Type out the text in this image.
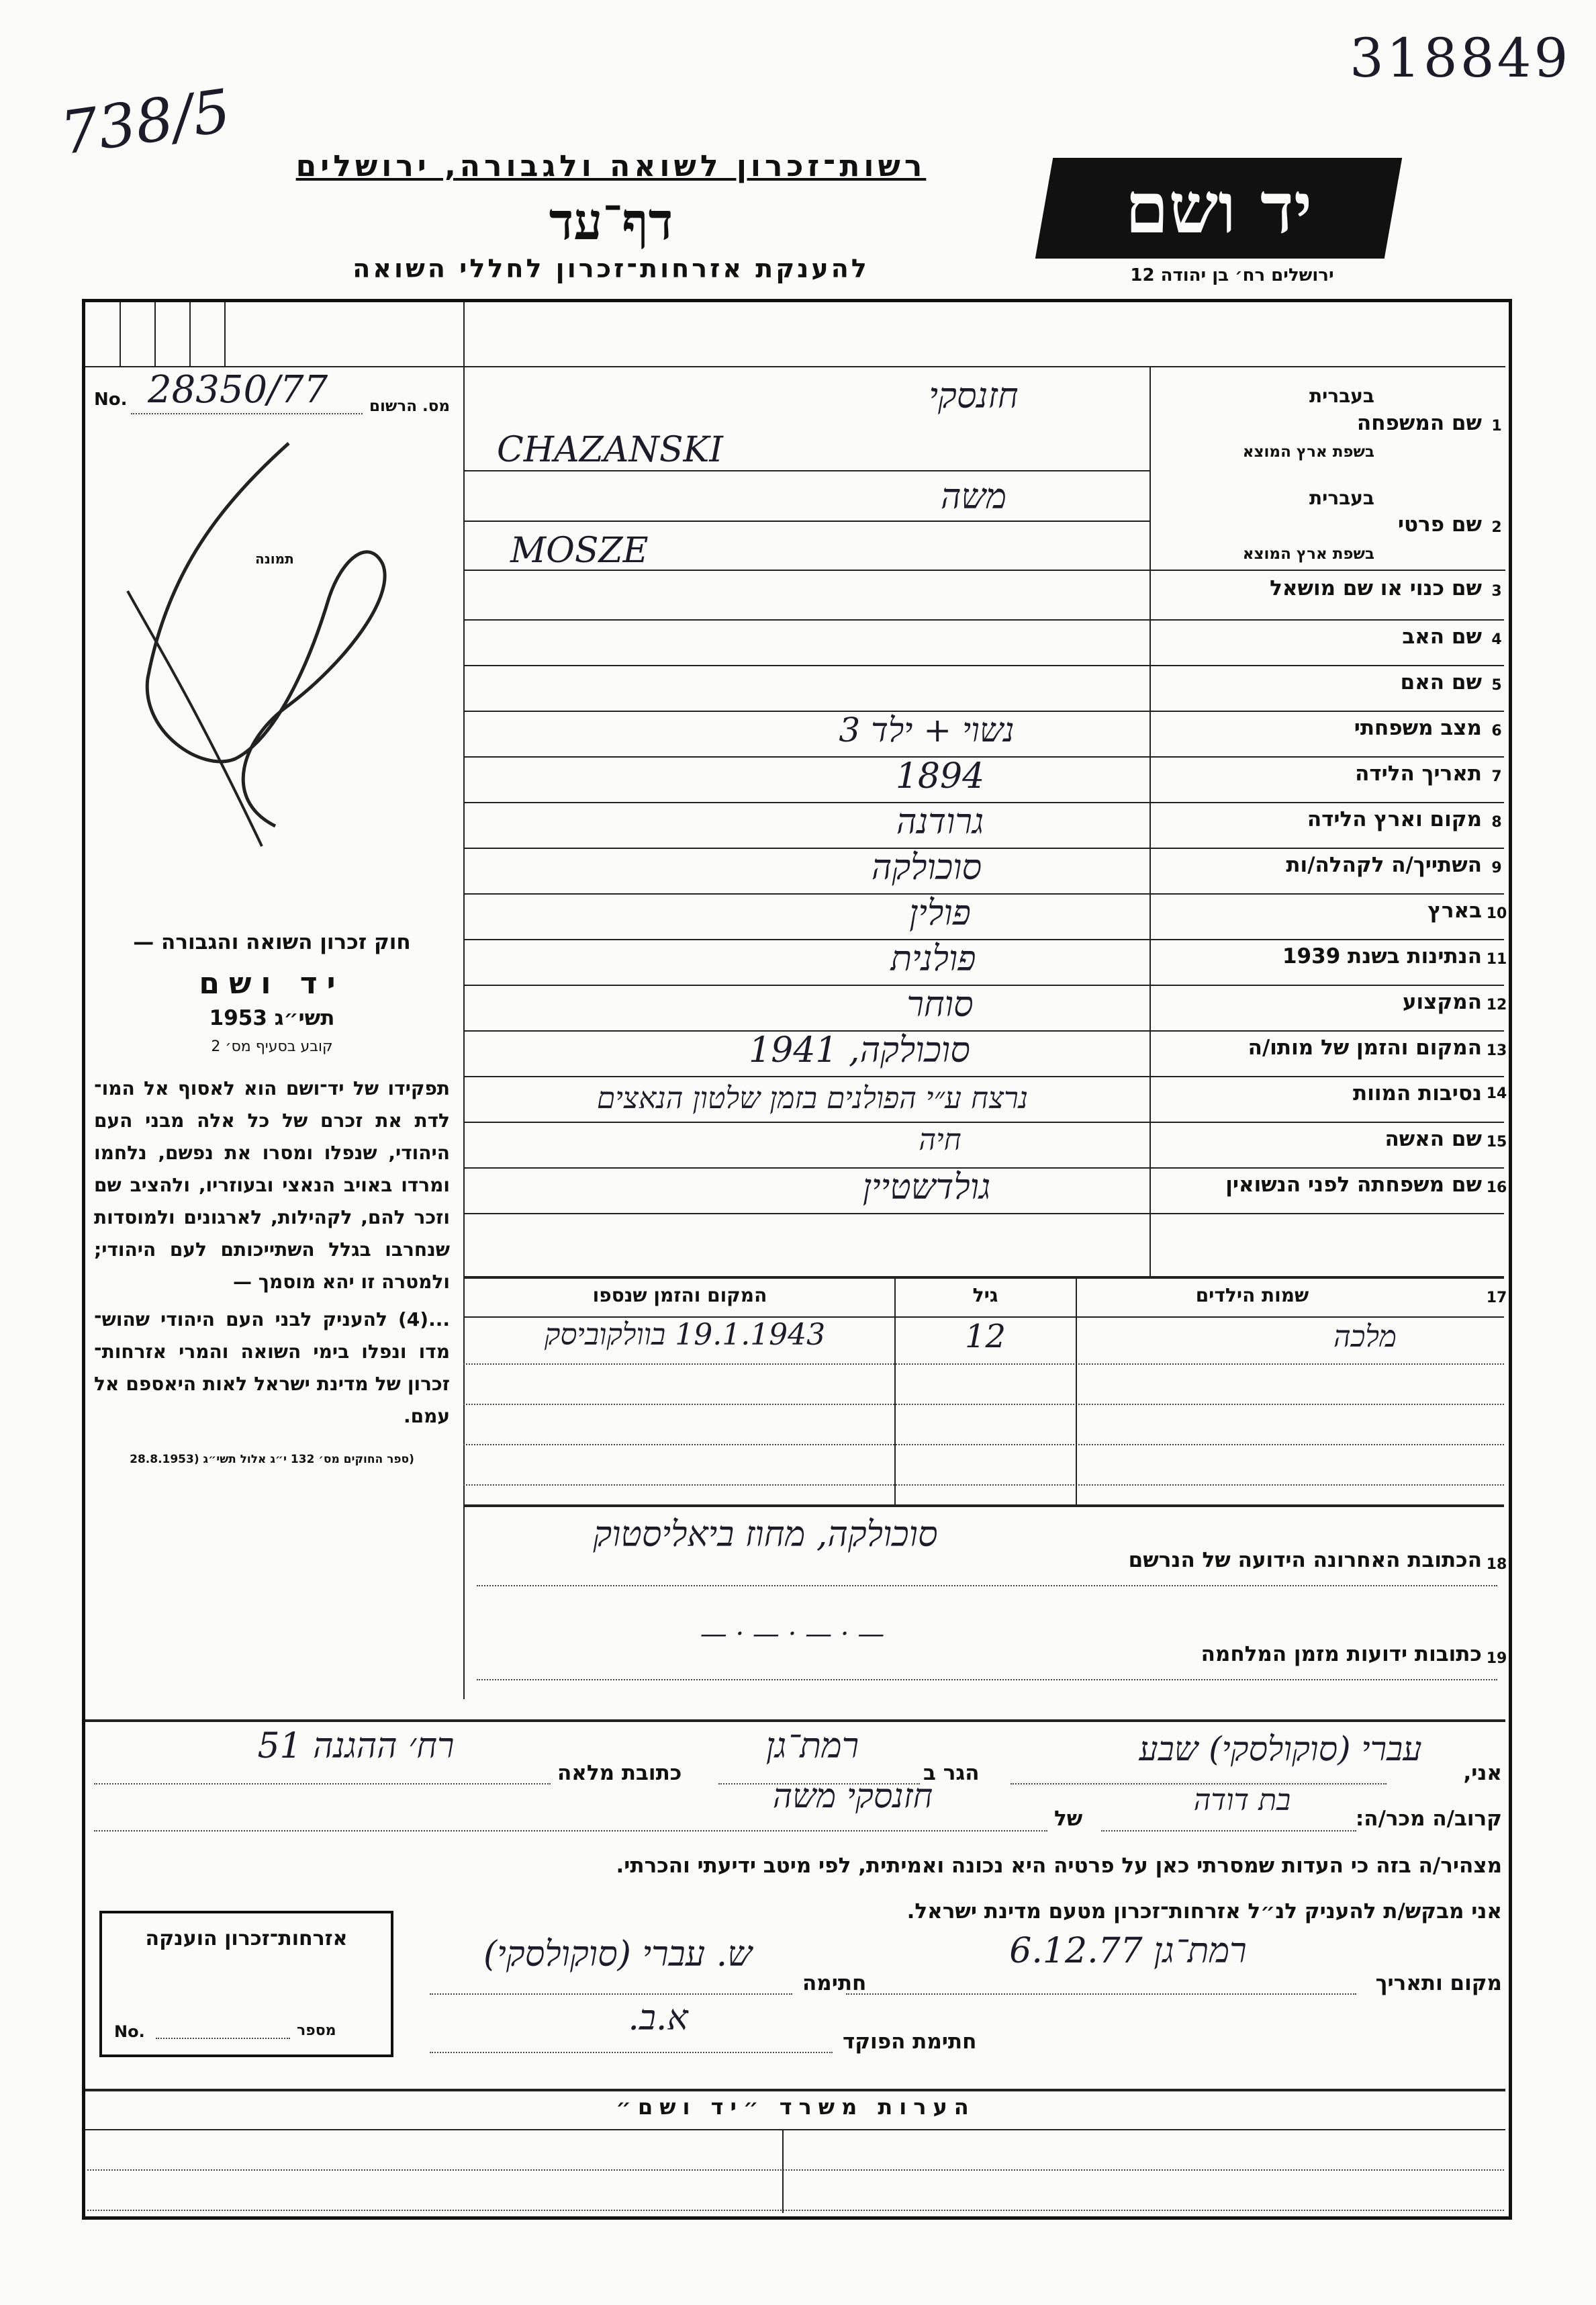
318849
738/5	רשות־זכרון לשואה ולגבורה, ירושלים
דף־עד
להענקת אזרחות־זכרון לחללי השואה
יד ושם
ירושלים רח׳ בן יהודה 12
No. 28350/77	מס. הרשום
תמונה
חוק זכרון השואה והגבורה —
יד ושם
תשי״ג 1953
קובע בסעיף מס׳ 2
תפקידו של יד־ושם הוא לאסוף אל המו־ לדת את זכרם של כל אלה מבני העם היהודי, שנפלו ומסרו את נפשם, נלחמו ומרדו באויב הנאצי ובעוזריו, ולהציב שם וזכר להם, לקהילות, לארגונים ולמוסדות שנחרבו בגלל השתייכותם לעם היהודי; ולמטרה זו יהא מוסמך —
...(4) להעניק לבני העם היהודי שהוש־ מדו ונפלו בימי השואה והמרי אזרחות־ זכרון של מדינת ישראל לאות היאספם אל עמם.
(ספר החוקים מס׳ 132 י״ג אלול תשי״ג (28.8.1953
1
שם המשפחה
בעברית
בשפת ארץ המוצא
חזנסקי
CHAZANSKI
2
שם פרטי
בעברית
בשפת ארץ המוצא
משה
MOSZE
3
שם כנוי או שם מושאל
4
שם האב
5
שם האם
6
מצב משפחתי
נשוי + ילד 3
7
תאריך הלידה
1894
8
מקום וארץ הלידה
גרודנה
9
השתייך/ה לקהלה/ות
סוכולקה
10
בארץ
פולין
11
הנתינות בשנת 1939
פולנית
12
המקצוע
סוחר
13
המקום והזמן של מותו/ה
סוכולקה, 1941
14
נסיבות המוות
נרצח ע״י הפולנים בזמן שלטון הנאצים
15
שם האשה
חיה
16
שם משפחתה לפני הנשואין
גולדשטיין
17
שמות הילדים
גיל
המקום והזמן שנספו
מלכה
12
19.1.1943 בוולקוביסק
18
הכתובת האחרונה הידועה של הנרשם
סוכולקה, מחוז ביאליסטוק
19
כתובות ידועות מזמן המלחמה
— · — · — · —
אני,
עברי (סוקולסקי) שבע
הגר ב
רמת־גן
כתובת מלאה
רח׳ ההגנה 51
קרוב/ה מכר/ה:
בת דודה
של
חזנסקי משה
מצהיר/ה בזה כי העדות שמסרתי כאן על פרטיה היא נכונה ואמיתית, לפי מיטב ידיעתי והכרתי.
אני מבקש/ת להעניק לנ״ל אזרחות־זכרון מטעם מדינת ישראל.
מקום ותאריך
רמת־גן 6.12.77
חתימה
ש. עברי (סוקולסקי)
חתימת הפוקד
א.ב.
אזרחות־זכרון הוענקה
No.	מספר
הערות משרד ״יד ושם״
